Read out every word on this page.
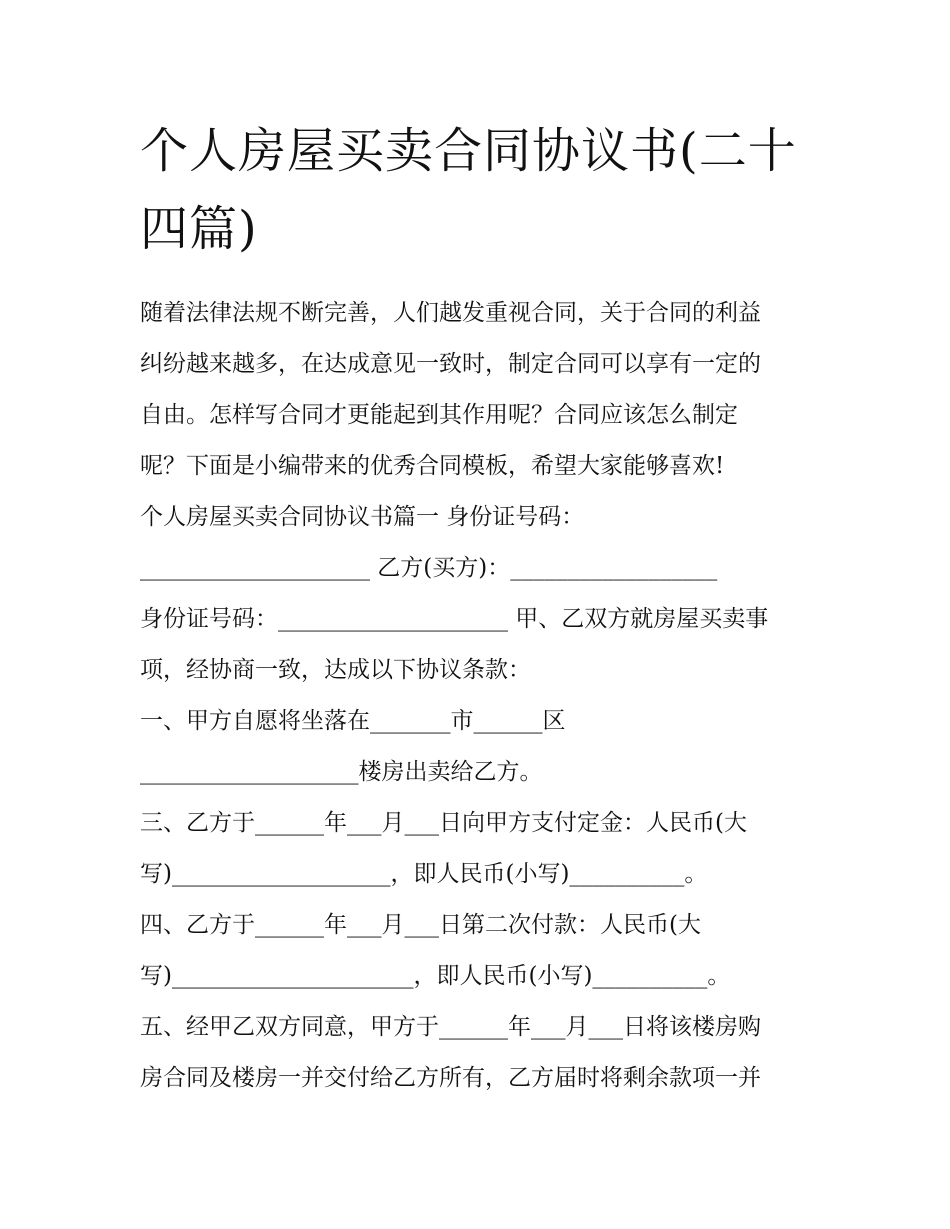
个人房屋买卖合同协议书(二十
四篇)

随着法律法规不断完善，人们越发重视合同，关于合同的利益

纠纷越来越多，在达成意见一致时，制定合同可以享有一定的

自由。怎样写合同才更能起到其作用呢？合同应该怎么制定

呢？下面是小编带来的优秀合同模板，希望大家能够喜欢!

个人房屋买卖合同协议书篇一 身份证号码：

____________________ 乙方(买方)：__________________

身份证号码：____________________ 甲、乙双方就房屋买卖事

项，经协商一致，达成以下协议条款：

一、甲方自愿将坐落在_______市______区

___________________楼房出卖给乙方。

三、乙方于______年___月___日向甲方支付定金：人民币(大

写)___________________，即人民币(小写)__________。

四、乙方于______年___月___日第二次付款：人民币(大

写)_____________________，即人民币(小写)__________。

五、经甲乙双方同意，甲方于______年___月___日将该楼房购

房合同及楼房一并交付给乙方所有，乙方届时将剩余款项一并
